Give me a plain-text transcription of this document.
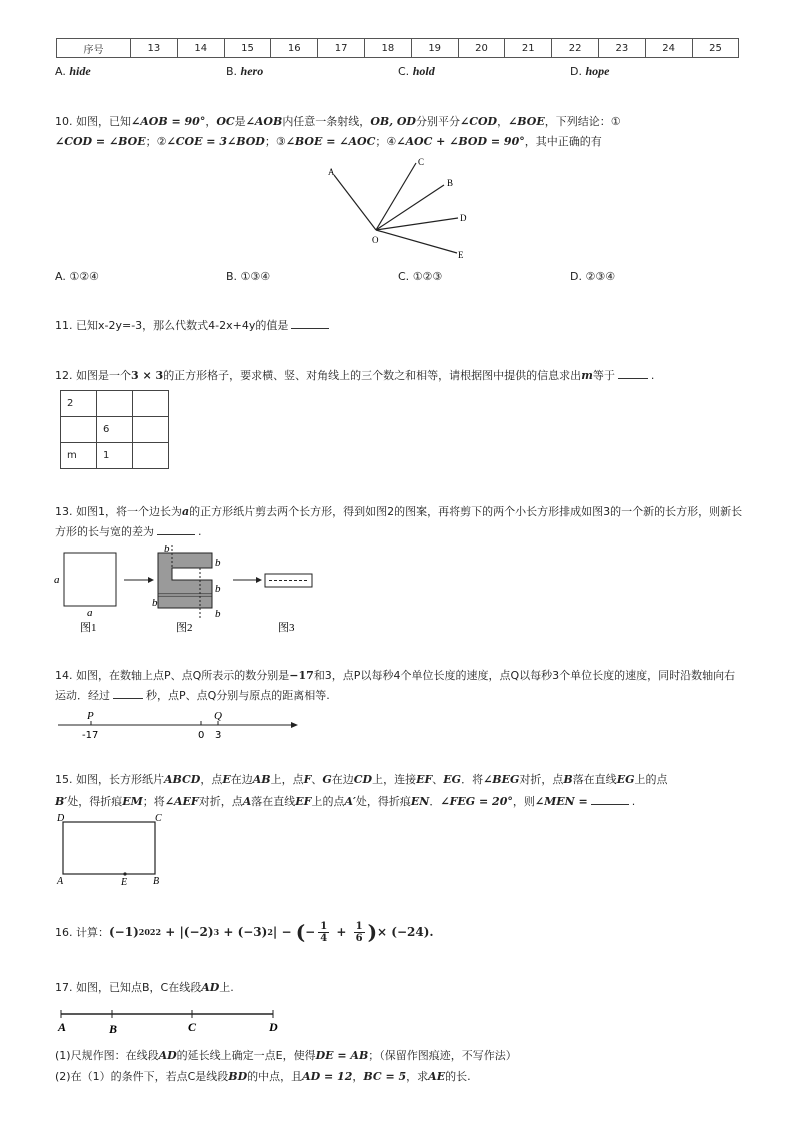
序号	13	14	15	16	17	18	19	20	21	22	23	24	25
A. hide	B. hero	C. hold	D. hope
10. 如图，已知∠AOB = 90°，OC是∠AOB内任意一条射线，OB, OD分别平分∠COD，∠BOE，下列结论：①
∠COD = ∠BOE；②∠COE = 3∠BOD；③∠BOE = ∠AOC；④∠AOC + ∠BOD = 90°，其中正确的有
A
C
B
D
E
O
A. ①②④	B. ①③④	C. ①②③	D. ②③④
11. 已知x-2y=-3，那么代数式4-2x+4y的值是
12. 如图是一个3 × 3的正方形格子，要求横、竖、对角线上的三个数之和相等，请根据图中提供的信息求出m等于	.
2		
	6	
m	1	
13. 如图1，将一个边长为a的正方形纸片剪去两个长方形，得到如图2的图案，再将剪下的两个小长方形排成如图3的一个新的长方形，则新长
方形的长与宽的差为	.
a
a
图1
b
b
b
b
b
图2	图3
14. 如图，在数轴上点P、点Q所表示的数分别是−17和3，点P以每秒4个单位长度的速度，点Q以每秒3个单位长度的速度，同时沿数轴向右
运动．经过	秒，点P、点Q分别与原点的距离相等.
P	Q
-17	0 3
15. 如图，长方形纸片ABCD，点E在边AB上，点F、G在边CD上，连接EF、EG．将∠BEG对折，点B落在直线EG上的点
B′处，得折痕EM；将∠AEF对折，点A落在直线EF上的点A′处，得折痕EN．∠FEG = 20°，则∠MEN =	.
D	C
A	E	B
16. 计算： (−1) 2022 + |(−2) 3 + (−3) 2 | − ( − $\frac{1}{4} + \frac{1}{6}$ ) × (−24).
17. 如图，已知点B，C在线段AD上.
A	B	C	D
(1)尺规作图：在线段AD的延长线上确定一点E，使得DE = AB；（保留作图痕迹，不写作法）
(2)在（1）的条件下，若点C是线段BD的中点，且AD = 12，BC = 5，求AE的长.
